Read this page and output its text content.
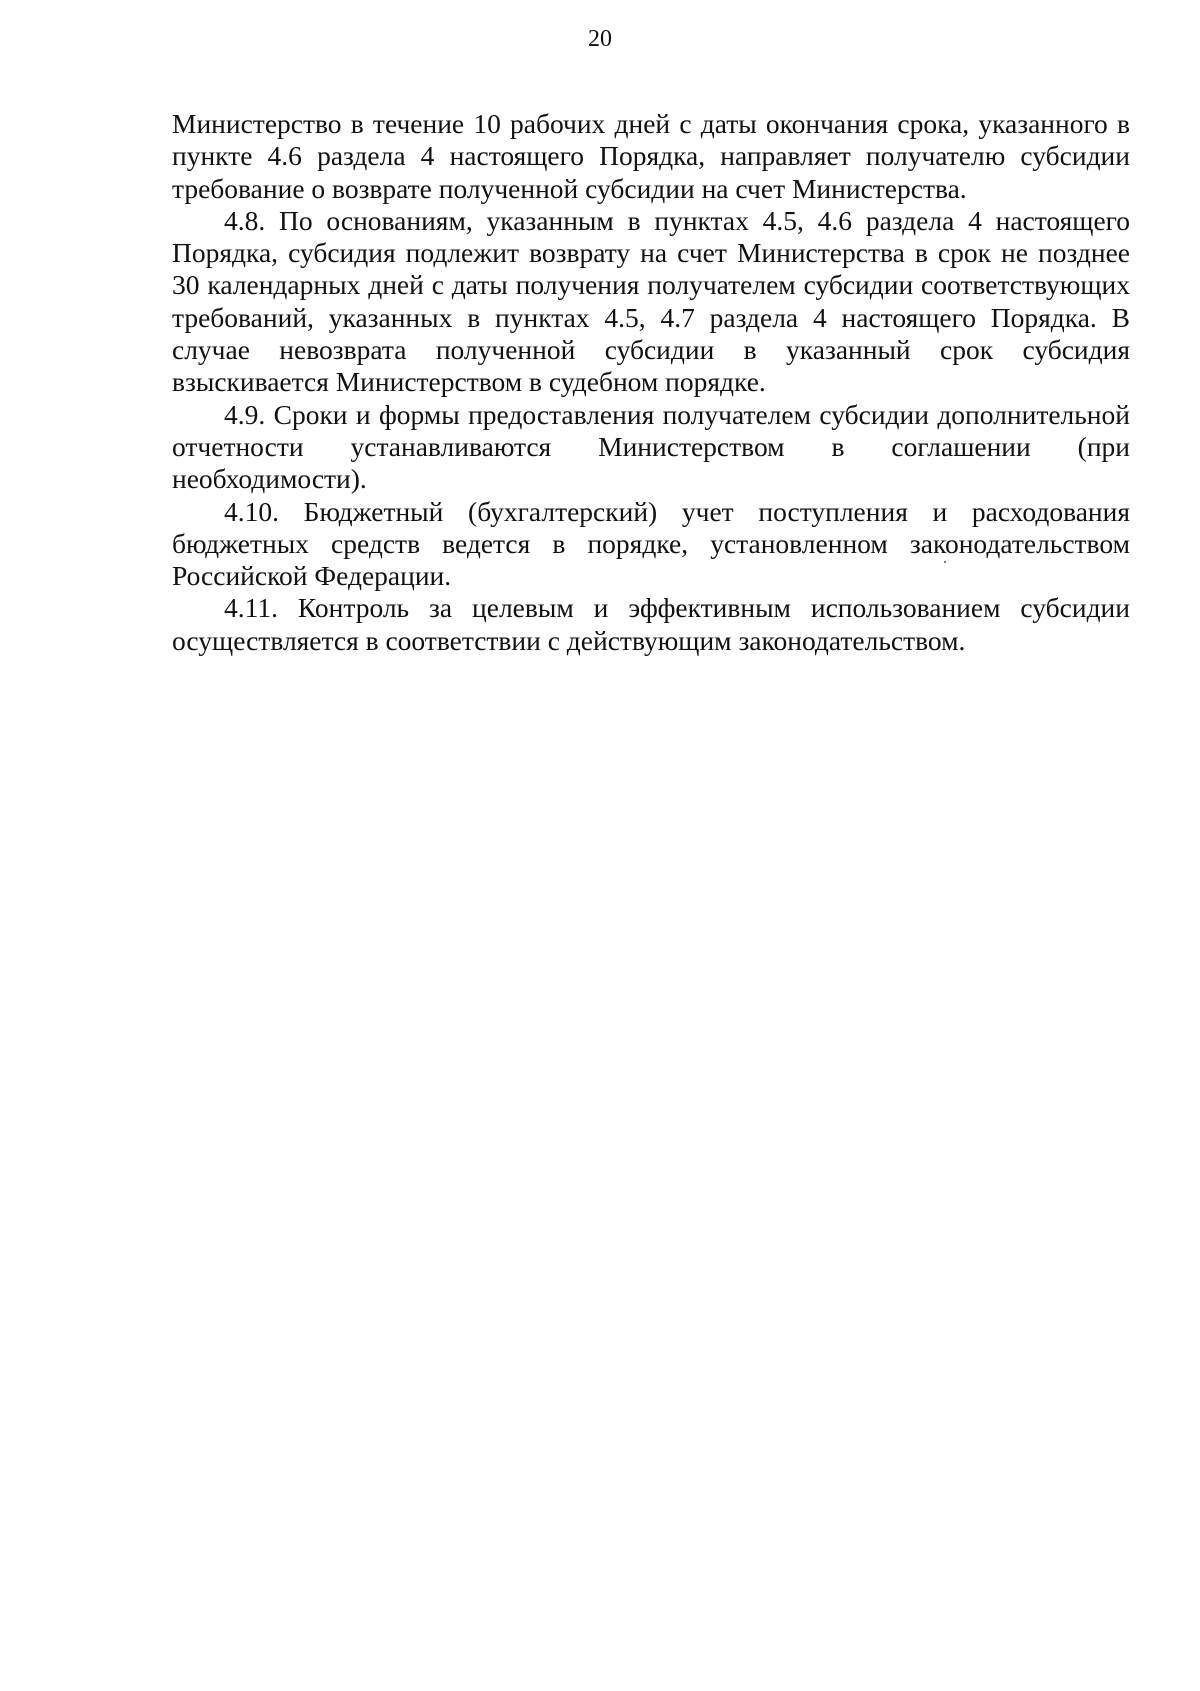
20

Министерство в течение 10 рабочих дней с даты окончания срока, указанного в пункте 4.6 раздела 4 настоящего Порядка, направляет получателю субсидии требование о возврате полученной субсидии на счет Министерства.

4.8. По основаниям, указанным в пунктах 4.5, 4.6 раздела 4 настоящего Порядка, субсидия подлежит возврату на счет Министерства в срок не позднее 30 календарных дней с даты получения получателем субсидии соответствующих требований, указанных в пунктах 4.5, 4.7 раздела 4 настоящего Порядка. В случае невозврата полученной субсидии в указанный срок субсидия взыскивается Министерством в судебном порядке.

4.9. Сроки и формы предоставления получателем субсидии дополнительной отчетности устанавливаются Министерством в соглашении (при необходимости).

4.10. Бюджетный (бухгалтерский) учет поступления и расходования бюджетных средств ведется в порядке, установленном законодательством Российской Федерации.

4.11. Контроль за целевым и эффективным использованием субсидии осуществляется в соответствии с действующим законодательством.
